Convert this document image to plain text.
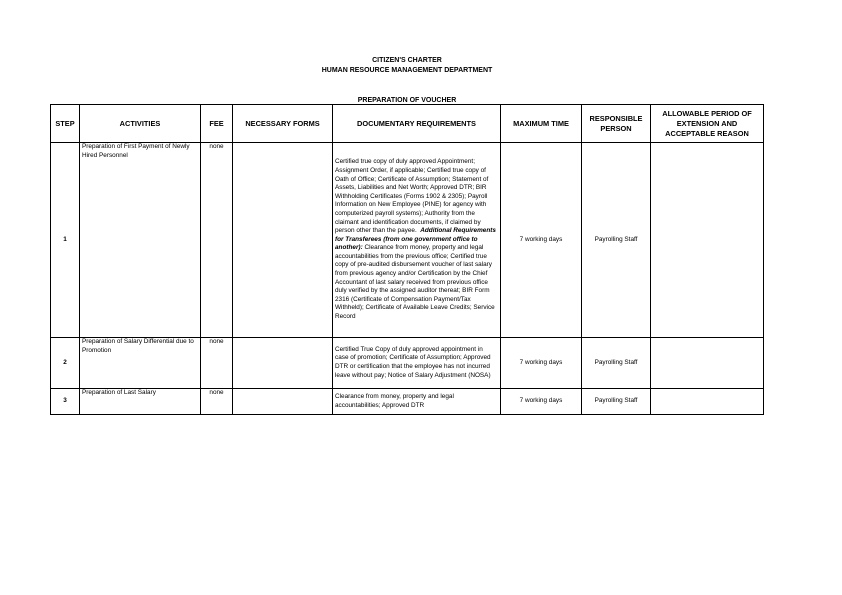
CITIZEN'S CHARTER
HUMAN RESOURCE MANAGEMENT DEPARTMENT
PREPARATION OF VOUCHER
STEP	ACTIVITIES	FEE	NECESSARY FORMS	DOCUMENTARY REQUIREMENTS	MAXIMUM TIME	RESPONSIBLE PERSON	ALLOWABLE PERIOD OF EXTENSION AND ACCEPTABLE REASON
1	Preparation of First Payment of Newly Hired Personnel	none		Certified true copy of duly approved Appointment; Assignment Order, if applicable; Certified true copy of Oath of Office; Certificate of Assumption; Statement of Assets, Liabilities and Net Worth; Approved DTR; BIR Withholding Certificates (Forms 1902 & 2305); Payroll Information on New Employee (PINE) for agency with computerized payroll systems); Authority from the claimant and identification documents, if claimed by person other than the payee. Additional Requirements for Transferees (from one government office to another): Clearance from money, property and legal accountabilities from the previous office; Certified true copy of pre-audited disbursement voucher of last salary from previous agency and/or Certification by the Chief Accountant of last salary received from previous office duly verified by the assigned auditor thereat; BIR Form 2316 (Certificate of Compensation Payment/Tax Withheld); Certificate of Available Leave Credits; Service Record	7 working days	Payrolling Staff	
2	Preparation of Salary Differential due to Promotion	none		Certified True Copy of duly approved appointment in case of promotion; Certificate of Assumption; Approved DTR or certification that the employee has not incurred leave without pay; Notice of Salary Adjustment (NOSA)	7 working days	Payrolling Staff	
3	Preparation of Last Salary	none		Clearance from money, property and legal accountabilities; Approved DTR	7 working days	Payrolling Staff	
